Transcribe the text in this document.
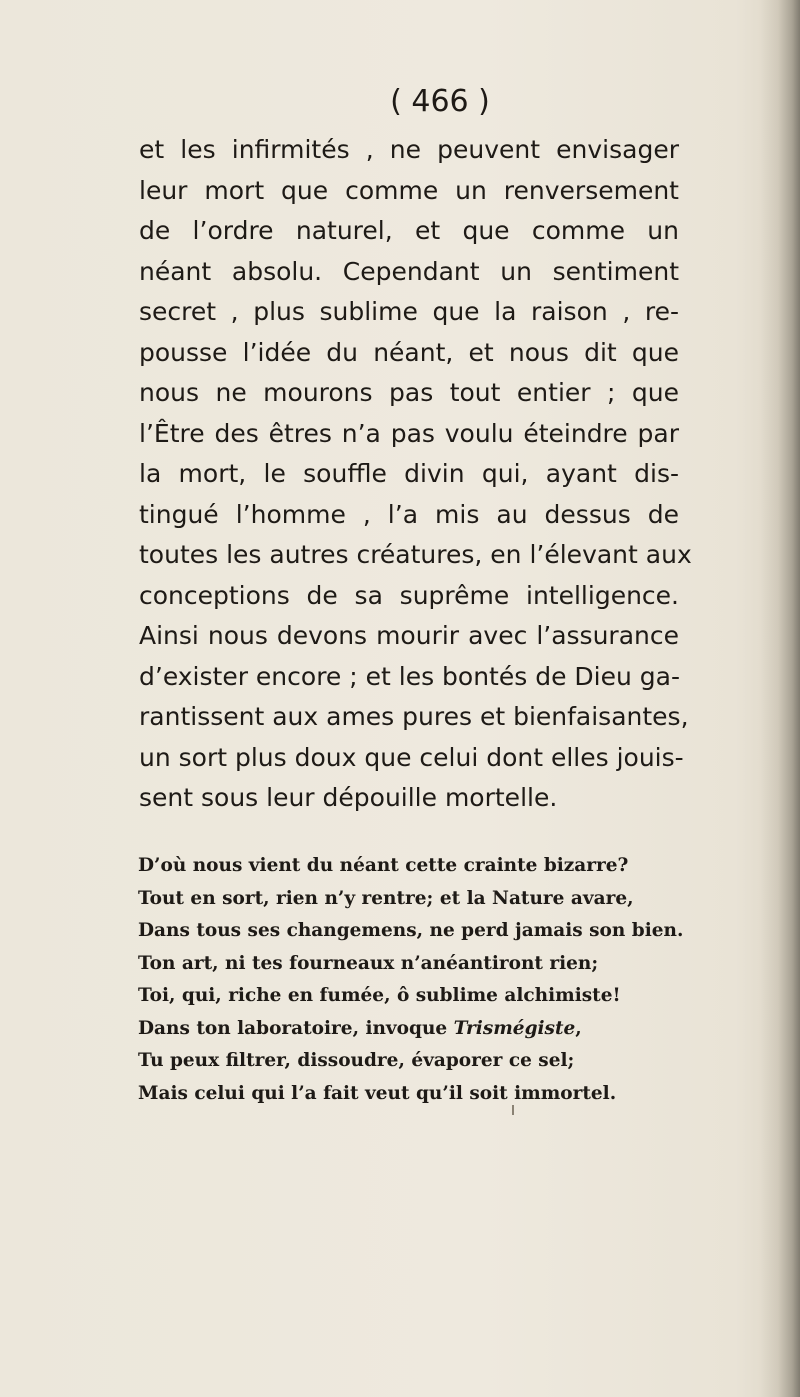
( 466 )
et les infirmités , ne peuvent envisager
leur mort que comme un renversement
de l’ordre naturel, et que comme un
néant absolu. Cependant un sentiment
secret , plus sublime que la raison , re-
pousse l’idée du néant, et nous dit que
nous ne mourons pas tout entier ; que
l’Être des êtres n’a pas voulu éteindre par
la mort, le souffle divin qui, ayant dis-
tingué l’homme , l’a mis au dessus de
toutes les autres créatures, en l’élevant aux
conceptions de sa suprême intelligence.
Ainsi nous devons mourir avec l’assurance
d’exister encore ; et les bontés de Dieu ga-
rantissent aux ames pures et bienfaisantes,
un sort plus doux que celui dont elles jouis-
sent sous leur dépouille mortelle.
D’où nous vient du néant cette crainte bizarre?
Tout en sort, rien n’y rentre; et la Nature avare,
Dans tous ses changemens, ne perd jamais son bien.
Ton art, ni tes fourneaux n’anéantiront rien;
Toi, qui, riche en fumée, ô sublime alchimiste!
Dans ton laboratoire, invoque Trismégiste,
Tu peux filtrer, dissoudre, évaporer ce sel;
Mais celui qui l’a fait veut qu’il soit immortel.
